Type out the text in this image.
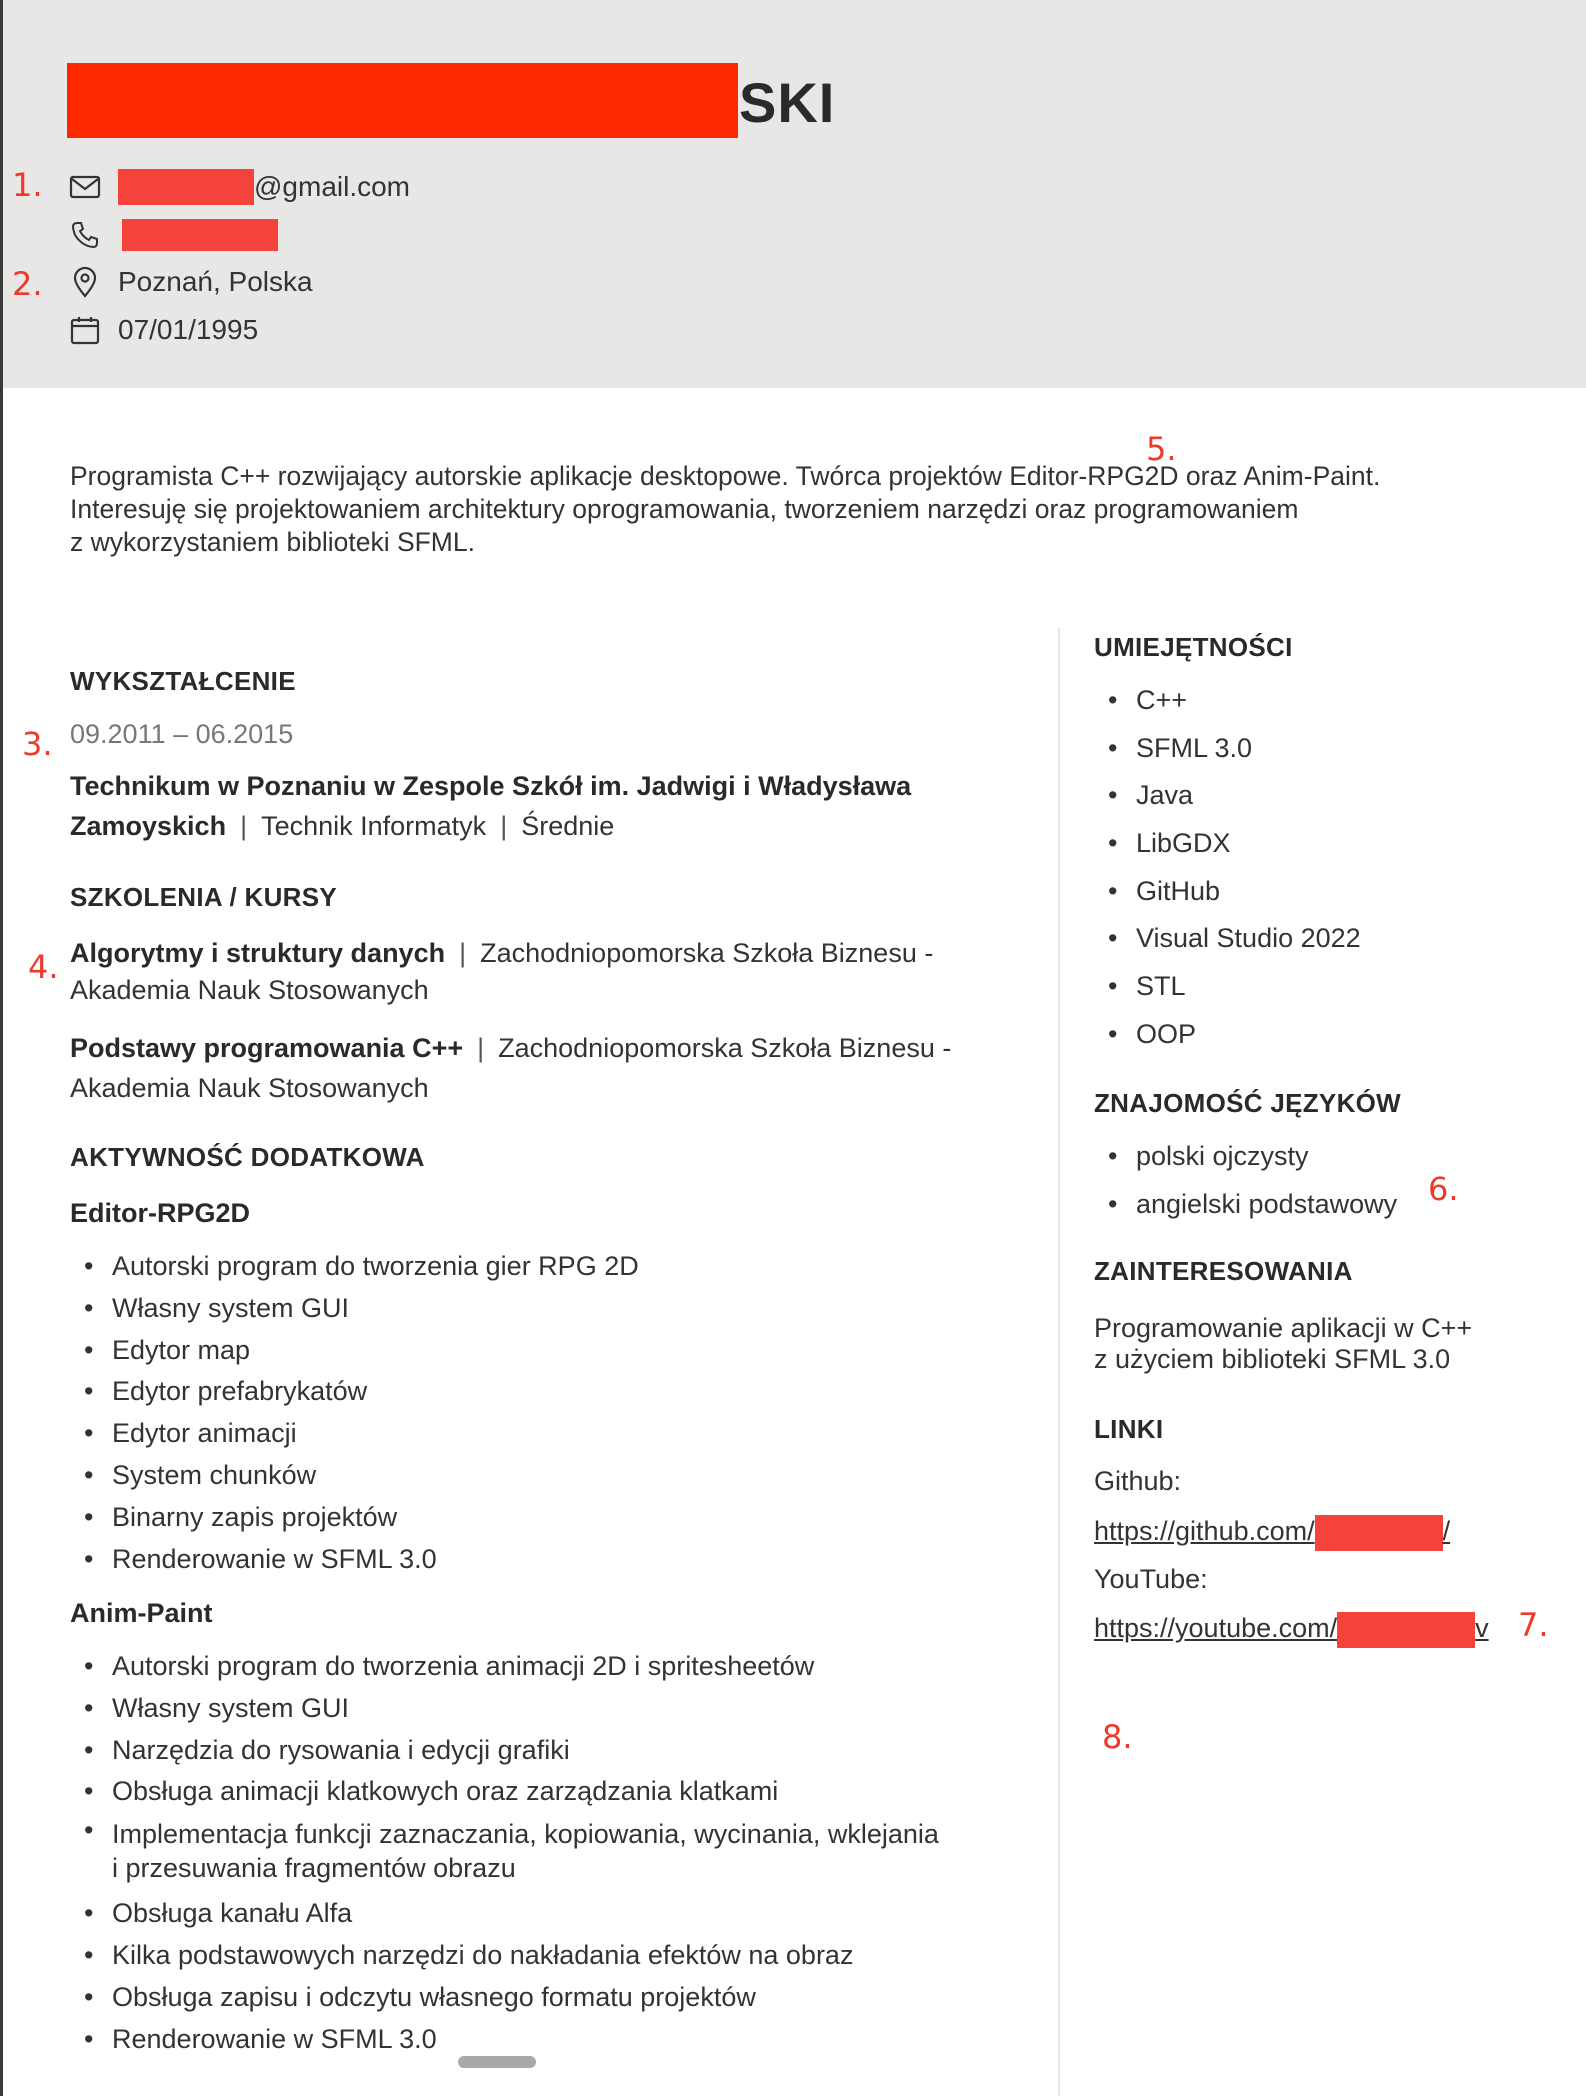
SKI
@gmail.com
Poznań, Polska
07/01/1995
1.
2.
3.
4.
5.
6.
7.
8.
Programista C++ rozwijający autorskie aplikacje desktopowe. Twórca projektów Editor-RPG2D oraz Anim-Paint.
Interesuję się projektowaniem architektury oprogramowania, tworzeniem narzędzi oraz programowaniem
z wykorzystaniem biblioteki SFML.
WYKSZTAŁCENIE
09.2011 – 06.2015
Technikum w Poznaniu w Zespole Szkół im. Jadwigi i Władysława
Zamoyskich | Technik Informatyk | Średnie
SZKOLENIA / KURSY
Algorytmy i struktury danych | Zachodniopomorska Szkoła Biznesu -
Akademia Nauk Stosowanych
Podstawy programowania C++ | Zachodniopomorska Szkoła Biznesu -
Akademia Nauk Stosowanych
AKTYWNOŚĆ DODATKOWA
Editor-RPG2D
• Autorski program do tworzenia gier RPG 2D
• Własny system GUI
• Edytor map
• Edytor prefabrykatów
• Edytor animacji
• System chunków
• Binarny zapis projektów
• Renderowanie w SFML 3.0
Anim-Paint
• Autorski program do tworzenia animacji 2D i spritesheetów
• Własny system GUI
• Narzędzia do rysowania i edycji grafiki
• Obsługa animacji klatkowych oraz zarządzania klatkami
• Implementacja funkcji zaznaczania, kopiowania, wycinania, wklejania
i przesuwania fragmentów obrazu
• Obsługa kanału Alfa
• Kilka podstawowych narzędzi do nakładania efektów na obraz
• Obsługa zapisu i odczytu własnego formatu projektów
• Renderowanie w SFML 3.0
UMIEJĘTNOŚCI
• C++
• SFML 3.0
• Java
• LibGDX
• GitHub
• Visual Studio 2022
• STL
• OOP
ZNAJOMOŚĆ JĘZYKÓW
• polski ojczysty
• angielski podstawowy
ZAINTERESOWANIA
Programowanie aplikacji w C++
z użyciem biblioteki SFML 3.0
LINKI
Github:
https://github.com/	/
YouTube:
https://youtube.com/	v
